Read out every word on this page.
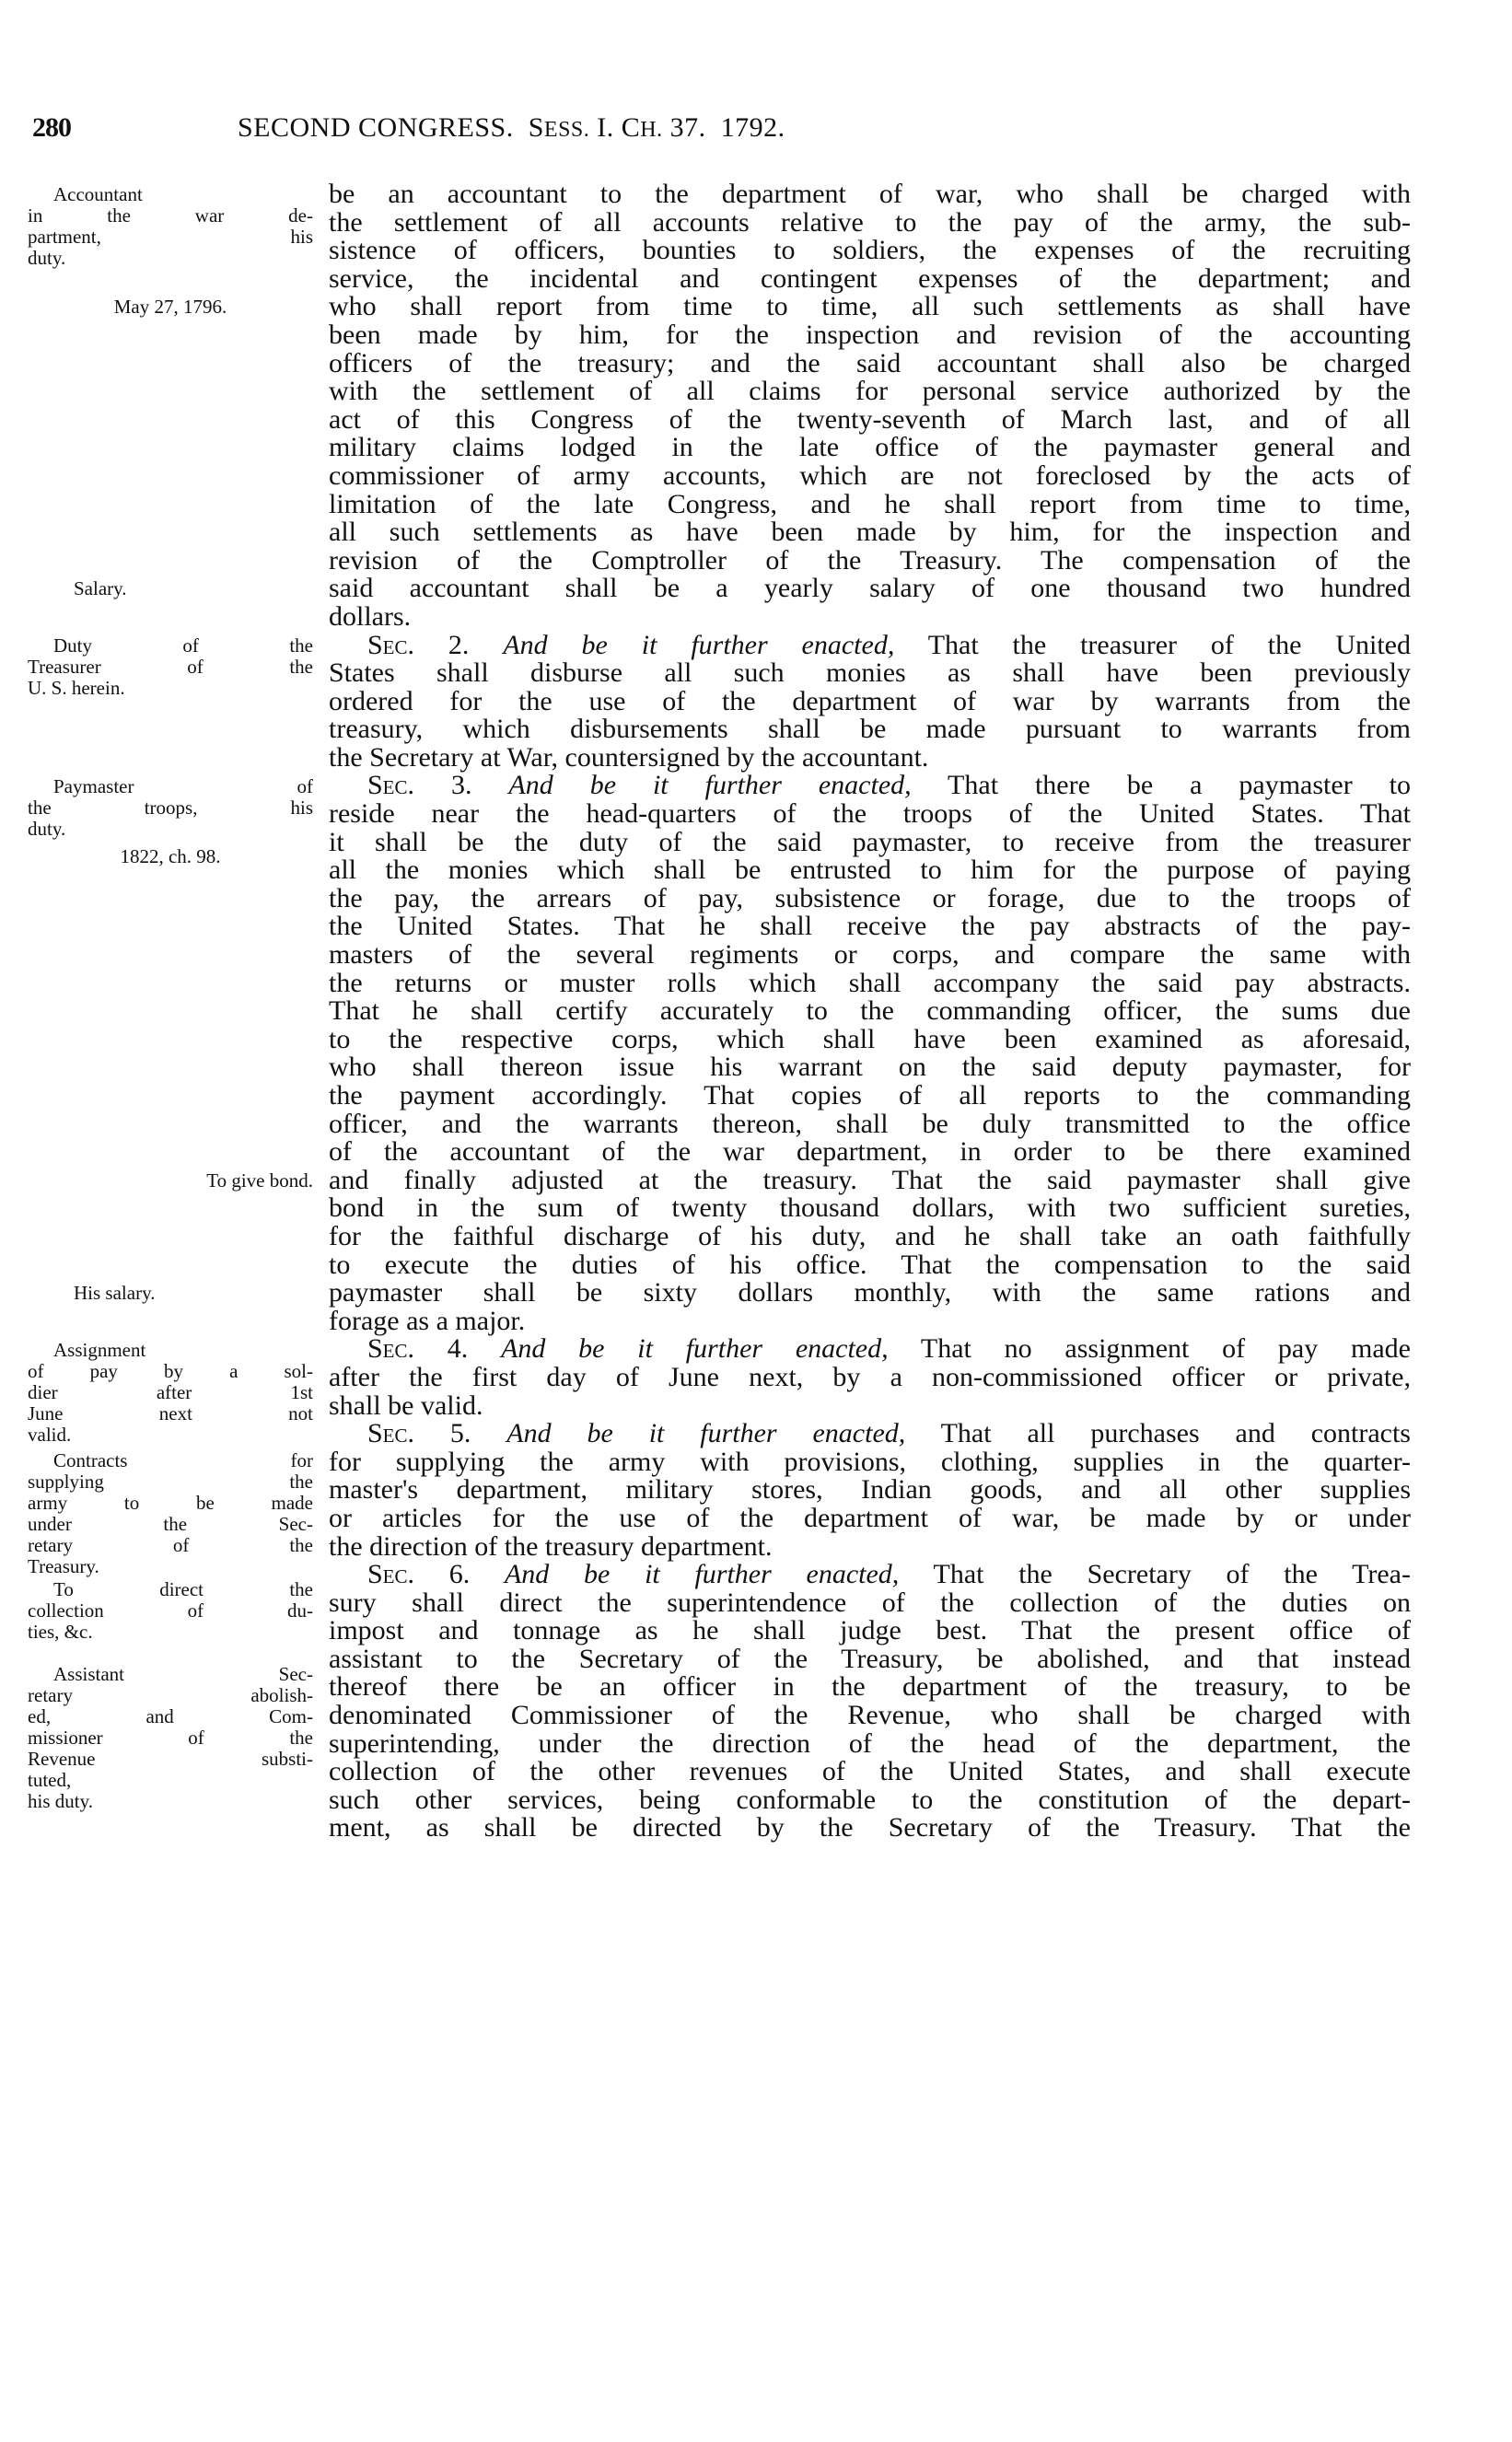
280	SECOND CONGRESS. SESS. I. CH. 37. 1792.
be an accountant to the department of war, who shall be charged with
the settlement of all accounts relative to the pay of the army, the sub-
sistence of officers, bounties to soldiers, the expenses of the recruiting
service, the incidental and contingent expenses of the department; and
who shall report from time to time, all such settlements as shall have
been made by him, for the inspection and revision of the accounting
officers of the treasury; and the said accountant shall also be charged
with the settlement of all claims for personal service authorized by the
act of this Congress of the twenty-seventh of March last, and of all
military claims lodged in the late office of the paymaster general and
commissioner of army accounts, which are not foreclosed by the acts of
limitation of the late Congress, and he shall report from time to time,
all such settlements as have been made by him, for the inspection and
revision of the Comptroller of the Treasury. The compensation of the
said accountant shall be a yearly salary of one thousand two hundred
dollars.
Sec. 2. And be it further enacted, That the treasurer of the United
States shall disburse all such monies as shall have been previously
ordered for the use of the department of war by warrants from the
treasury, which disbursements shall be made pursuant to warrants from
the Secretary at War, countersigned by the accountant.
Sec. 3. And be it further enacted, That there be a paymaster to
reside near the head-quarters of the troops of the United States. That
it shall be the duty of the said paymaster, to receive from the treasurer
all the monies which shall be entrusted to him for the purpose of paying
the pay, the arrears of pay, subsistence or forage, due to the troops of
the United States. That he shall receive the pay abstracts of the pay-
masters of the several regiments or corps, and compare the same with
the returns or muster rolls which shall accompany the said pay abstracts.
That he shall certify accurately to the commanding officer, the sums due
to the respective corps, which shall have been examined as aforesaid,
who shall thereon issue his warrant on the said deputy paymaster, for
the payment accordingly. That copies of all reports to the commanding
officer, and the warrants thereon, shall be duly transmitted to the office
of the accountant of the war department, in order to be there examined
and finally adjusted at the treasury. That the said paymaster shall give
bond in the sum of twenty thousand dollars, with two sufficient sureties,
for the faithful discharge of his duty, and he shall take an oath faithfully
to execute the duties of his office. That the compensation to the said
paymaster shall be sixty dollars monthly, with the same rations and
forage as a major.
Sec. 4. And be it further enacted, That no assignment of pay made
after the first day of June next, by a non-commissioned officer or private,
shall be valid.
Sec. 5. And be it further enacted, That all purchases and contracts
for supplying the army with provisions, clothing, supplies in the quarter-
master's department, military stores, Indian goods, and all other supplies
or articles for the use of the department of war, be made by or under
the direction of the treasury department.
Sec. 6. And be it further enacted, That the Secretary of the Trea-
sury shall direct the superintendence of the collection of the duties on
impost and tonnage as he shall judge best. That the present office of
assistant to the Secretary of the Treasury, be abolished, and that instead
thereof there be an officer in the department of the treasury, to be
denominated Commissioner of the Revenue, who shall be charged with
superintending, under the direction of the head of the department, the
collection of the other revenues of the United States, and shall execute
such other services, being conformable to the constitution of the depart-
ment, as shall be directed by the Secretary of the Treasury. That the
Accountant
in the war de-
partment, his
duty.
May 27, 1796.
Salary.
Duty of the
Treasurer of the
U. S. herein.
Paymaster of
the troops, his
duty.
1822, ch. 98.
To give bond.
His salary.
Assignment
of pay by a sol-
dier after 1st
June next not
valid.
Contracts for
supplying the
army to be made
under the Sec-
retary of the
Treasury.
To direct the
collection of du-
ties, &c.
Assistant Sec-
retary abolish-
ed, and Com-
missioner of the
Revenue substi-
tuted,
his duty.
